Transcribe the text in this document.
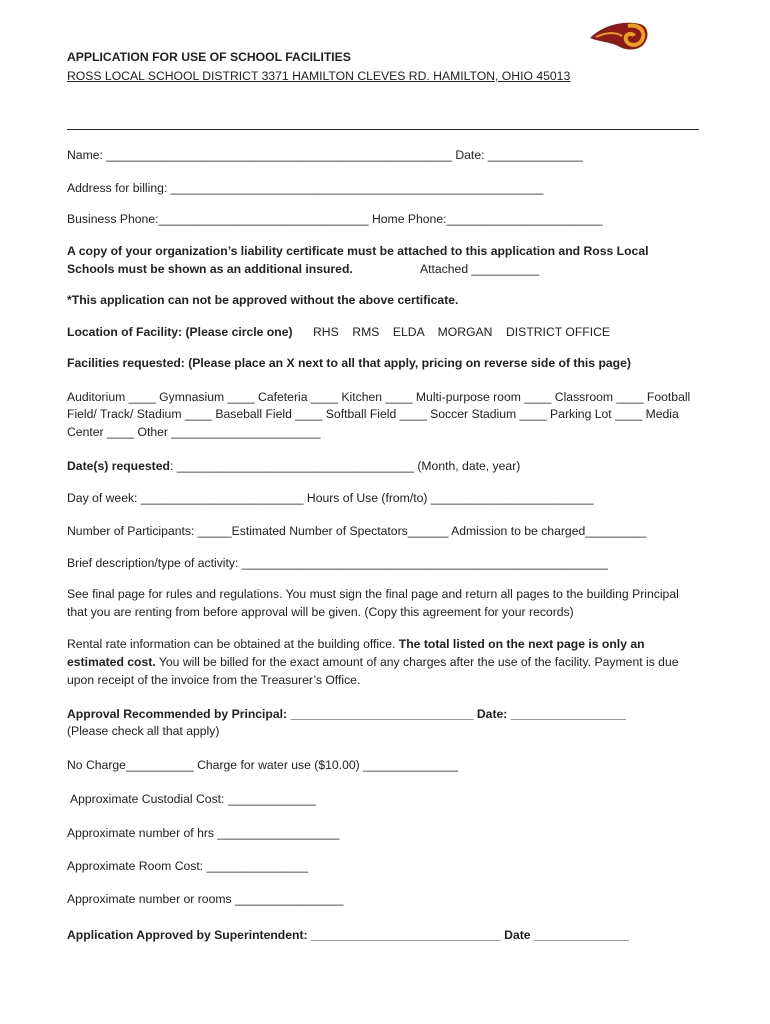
APPLICATION FOR USE OF SCHOOL FACILITIES
ROSS LOCAL SCHOOL DISTRICT 3371 HAMILTON CLEVES RD. HAMILTON, OHIO 45013
Name: ___________________________________________________ Date: ______________
Address for billing: _______________________________________________________
Business Phone:_______________________________ Home Phone:_______________________
A copy of your organization’s liability certificate must be attached to this application and Ross Local
Schools must be shown as an additional insured.	Attached __________
*This application can not be approved without the above certificate.
Location of Facility: (Please circle one) RHS    RMS    ELDA    MORGAN    DISTRICT OFFICE
Facilities requested: (Please place an X next to all that apply, pricing on reverse side of this page)
Auditorium ____ Gymnasium ____ Cafeteria ____ Kitchen ____ Multi-purpose room ____ Classroom ____ Football
Field/ Track/ Stadium ____ Baseball Field ____ Softball Field ____ Soccer Stadium ____ Parking Lot ____ Media
Center ____ Other ______________________
Date(s) requested: ___________________________________ (Month, date, year)
Day of week: ________________________ Hours of Use (from/to) ________________________
Number of Participants: _____Estimated Number of Spectators______ Admission to be charged_________
Brief description/type of activity: ______________________________________________________
See final page for rules and regulations. You must sign the final page and return all pages to the building Principal
that you are renting from before approval will be given. (Copy this agreement for your records)
Rental rate information can be obtained at the building office. The total listed on the next page is only an
estimated cost. You will be billed for the exact amount of any charges after the use of the facility. Payment is due
upon receipt of the invoice from the Treasurer’s Office.
Approval Recommended by Principal: ___________________________ Date: _________________
(Please check all that apply)
No Charge__________ Charge for water use ($10.00) ______________
Approximate Custodial Cost: _____________
Approximate number of hrs __________________
Approximate Room Cost: _______________
Approximate number or rooms ________________
Application Approved by Superintendent: ____________________________ Date ______________
